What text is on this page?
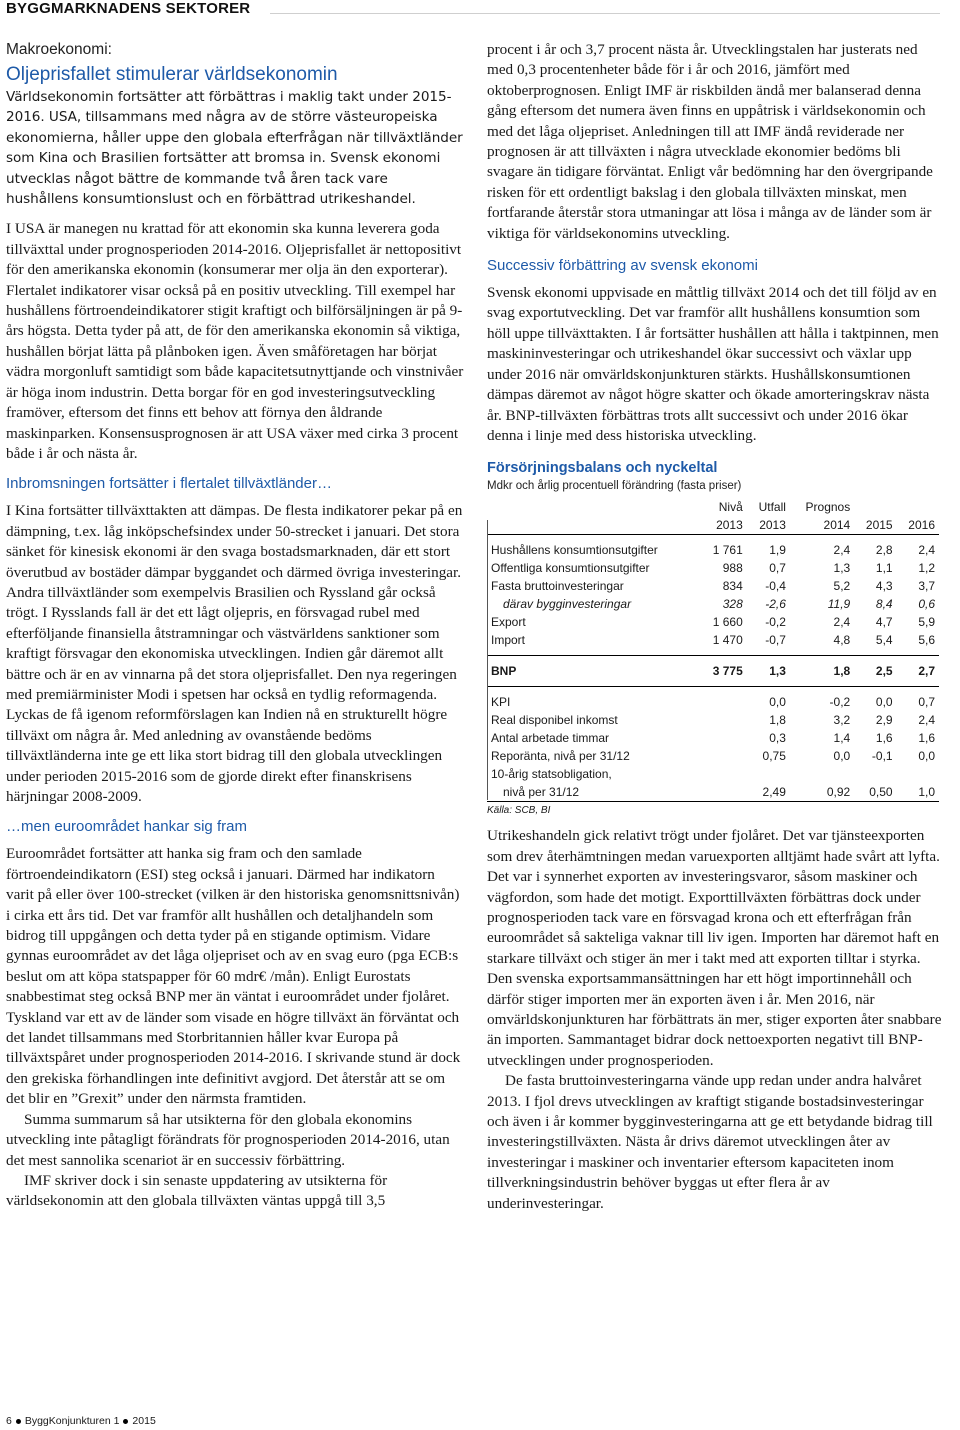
BYGGMARKNADENS SEKTORER
Makroekonomi:
Oljeprisfallet stimulerar världsekonomin

Världsekonomin fortsätter att förbättras i maklig takt under 2015-2016. USA, tillsammans med några av de större västeuropeiska ekonomierna, håller uppe den globala efterfrågan när tillväxtländer som Kina och Brasilien fortsätter att bromsa in. Svensk ekonomi utvecklas något bättre de kommande två åren tack vare hushållens konsumtionslust och en förbättrad utrikeshandel.

I USA är manegen nu krattad för att ekonomin ska kunna leverera goda tillväxttal under prognosperioden 2014-2016. Oljeprisfallet är nettopositivt för den amerikanska ekonomin (konsumerar mer olja än den exporterar). Flertalet indikatorer visar också på en positiv utveckling. Till exempel har hushållens förtroendeindikatorer stigit kraftigt och bilförsäljningen är på 9-års högsta. Detta tyder på att, de för den amerikanska ekonomin så viktiga, hushållen börjat lätta på plånboken igen. Även småföretagen har börjat vädra morgonluft samtidigt som både kapacitetsutnyttjande och vinstnivåer är höga inom industrin. Detta borgar för en god investeringsutveckling framöver, eftersom det finns ett behov att förnya den åldrande maskinparken. Konsensusprognosen är att USA växer med cirka 3 procent både i år och nästa år.

Inbromsningen fortsätter i flertalet tillväxtländer…

I Kina fortsätter tillväxttakten att dämpas. De flesta indikatorer pekar på en dämpning, t.ex. låg inköpschefsindex under 50-strecket i januari. Det stora sänket för kinesisk ekonomi är den svaga bostadsmarknaden, där ett stort överutbud av bostäder dämpar byggandet och därmed övriga investeringar. Andra tillväxtländer som exempelvis Brasilien och Ryssland går också trögt. I Rysslands fall är det ett lågt oljepris, en försvagad rubel med efterföljande finansiella åtstramningar och västvärldens sanktioner som kraftigt försvagar den ekonomiska utvecklingen. Indien går däremot allt bättre och är en av vinnarna på det stora oljeprisfallet. Den nya regeringen med premiärminister Modi i spetsen har också en tydlig reformagenda. Lyckas de få igenom reformförslagen kan Indien nå en strukturellt högre tillväxt om några år. Med anledning av ovanstående bedöms tillväxtländerna inte ge ett lika stort bidrag till den globala utvecklingen under perioden 2015-2016 som de gjorde direkt efter finanskrisens härjningar 2008-2009.

…men euroområdet hankar sig fram

Euroområdet fortsätter att hanka sig fram och den samlade förtroendeindikatorn (ESI) steg också i januari. Därmed har indikatorn varit på eller över 100-strecket (vilken är den historiska genomsnittsnivån) i cirka ett års tid. Det var framför allt hushållen och detaljhandeln som bidrog till uppgången och detta tyder på en stigande optimism. Vidare gynnas euroområdet av det låga oljepriset och av en svag euro (pga ECB:s beslut om att köpa statspapper för 60 mdr€ /mån). Enligt Eurostats snabbestimat steg också BNP mer än väntat i euroområdet under fjolåret. Tyskland var ett av de länder som visade en högre tillväxt än förväntat och det landet tillsammans med Storbritannien håller kvar Europa på tillväxtspåret under prognosperioden 2014-2016. I skrivande stund är dock den grekiska förhandlingen inte definitivt avgjord. Det återstår att se om det blir en ”Grexit” under den närmsta framtiden.

Summa summarum så har utsikterna för den globala ekonomins utveckling inte påtagligt förändrats för prognosperioden 2014-2016, utan det mest sannolika scenariot är en successiv förbättring.

IMF skriver dock i sin senaste uppdatering av utsikterna för världsekonomin att den globala tillväxten väntas uppgå till 3,5

procent i år och 3,7 procent nästa år. Utvecklingstalen har justerats ned med 0,3 procentenheter både för i år och 2016, jämfört med oktoberprognosen. Enligt IMF är riskbilden ändå mer balanserad denna gång eftersom det numera även finns en uppåtrisk i världsekonomin och med det låga oljepriset. Anledningen till att IMF ändå reviderade ner prognosen är att tillväxten i några utvecklade ekonomier bedöms bli svagare än tidigare förväntat. Enligt vår bedömning har den övergripande risken för ett ordentligt bakslag i den globala tillväxten minskat, men fortfarande återstår stora utmaningar att lösa i många av de länder som är viktiga för världsekonomins utveckling.

Successiv förbättring av svensk ekonomi

Svensk ekonomi uppvisade en måttlig tillväxt 2014 och det till följd av en svag exportutveckling. Det var framför allt hushållens konsumtion som höll uppe tillväxttakten. I år fortsätter hushållen att hålla i taktpinnen, men maskininvesteringar och utrikeshandel ökar successivt och växlar upp under 2016 när omvärldskonjunkturen stärkts. Hushållskonsumtionen dämpas däremot av något högre skatter och ökade amorteringskrav nästa år. BNP-tillväxten förbättras trots allt successivt och under 2016 ökar denna i linje med dess historiska utveckling.

Försörjningsbalans och nyckeltal
Mdkr och årlig procentuell förändring (fasta priser)
	Nivå	Utfall	Prognos		
	2013	2013	2014	2015	2016

Hushållens konsumtionsutgifter	1 761	1,9	2,4	2,8	2,4
Offentliga konsumtionsutgifter	988	0,7	1,3	1,1	1,2
Fasta bruttoinvesteringar	834	-0,4	5,2	4,3	3,7
därav bygginvesteringar	328	-2,6	11,9	8,4	0,6
Export	1 660	-0,2	2,4	4,7	5,9
Import	1 470	-0,7	4,8	5,4	5,6

BNP	3 775	1,3	1,8	2,5	2,7

KPI		0,0	-0,2	0,0	0,7
Real disponibel inkomst		1,8	3,2	2,9	2,4
Antal arbetade timmar		0,3	1,4	1,6	1,6
Reporänta, nivå per 31/12		0,75	0,0	-0,1	0,0
10-årig statsobligation,					
nivå per 31/12		2,49	0,92	0,50	1,0
Källa: SCB, BI

Utrikeshandeln gick relativt trögt under fjolåret. Det var tjänsteexporten som drev återhämtningen medan varuexporten alltjämt hade svårt att lyfta. Det var i synnerhet exporten av investeringsvaror, såsom maskiner och vägfordon, som hade det motigt. Exporttillväxten förbättras dock under prognosperioden tack vare en försvagad krona och ett efterfrågan från euroområdet så sakteliga vaknar till liv igen. Importen har däremot haft en starkare tillväxt och stiger än mer i takt med att exporten tilltar i styrka. Den svenska exportsammansättningen har ett högt importinnehåll och därför stiger importen mer än exporten även i år. Men 2016, när omvärldskonjunkturen har förbättrats än mer, stiger exporten åter snabbare än importen. Sammantaget bidrar dock nettoexporten negativt till BNP-utvecklingen under prognosperioden.

De fasta bruttoinvesteringarna vände upp redan under andra halvåret 2013. I fjol drevs utvecklingen av kraftigt stigande bostadsinvesteringar och även i år kommer bygginvesteringarna att ge ett betydande bidrag till investeringstillväxten. Nästa år drivs däremot utvecklingen åter av investeringar i maskiner och inventarier eftersom kapaciteten inom tillverkningsindustrin behöver byggas ut efter flera år av underinvesteringar.

6 ByggKonjunkturen 1 2015
